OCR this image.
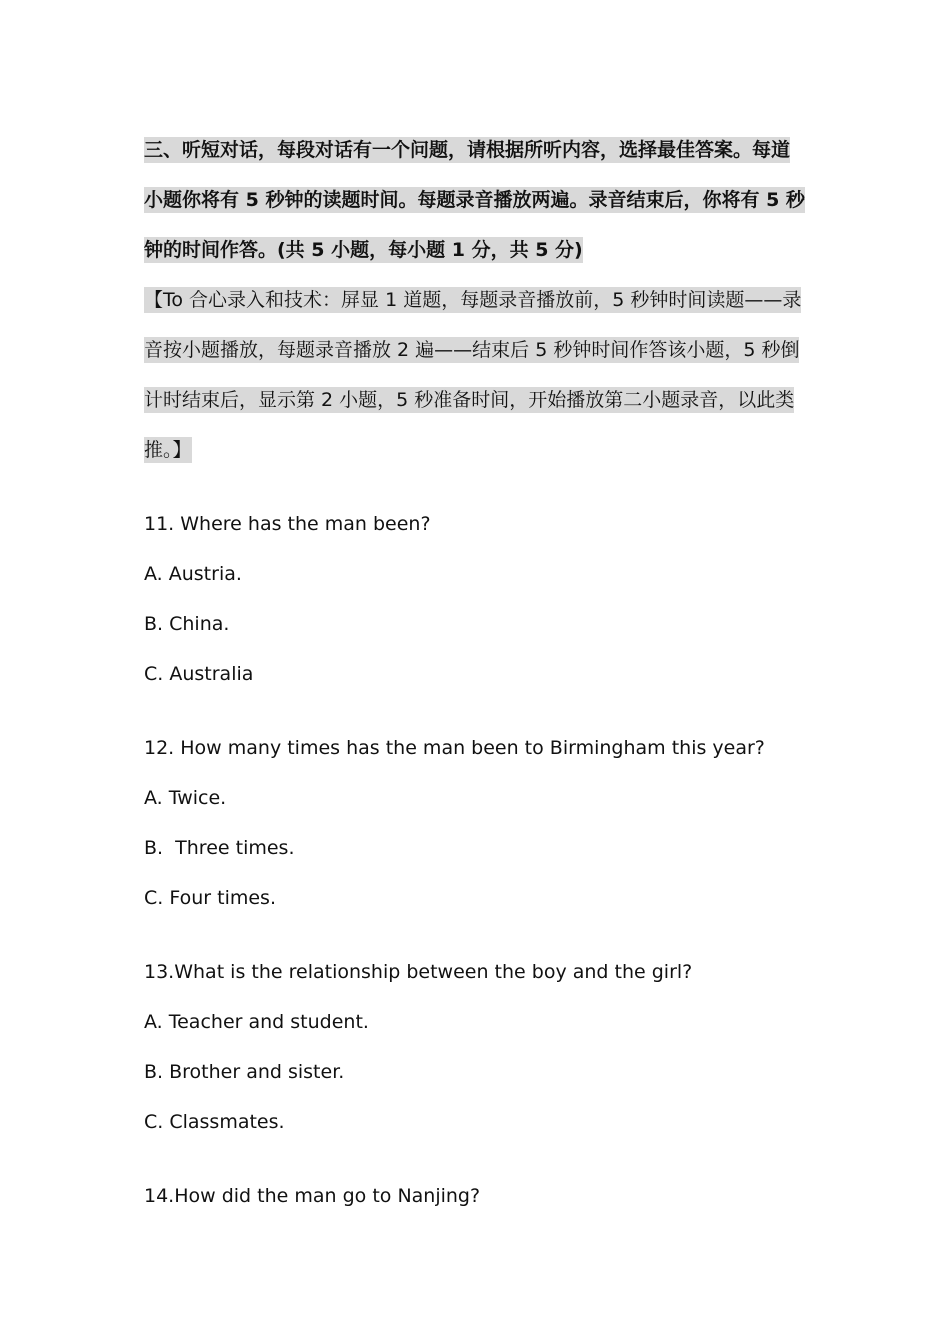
三、听短对话，每段对话有一个问题，请根据所听内容，选择最佳答案。每道
小题你将有 5 秒钟的读题时间。每题录音播放两遍。录音结束后，你将有 5 秒
钟的时间作答。(共 5 小题，每小题 1 分，共 5 分)
【To 合心录入和技术：屏显 1 道题，每题录音播放前，5 秒钟时间读题——录
音按小题播放，每题录音播放 2 遍——结束后 5 秒钟时间作答该小题，5 秒倒
计时结束后，显示第 2 小题，5 秒准备时间，开始播放第二小题录音，以此类
推。】
11. Where has the man been?
A. Austria.
B. China.
C. Australia
12. How many times has the man been to Birmingham this year?
A. Twice.
B.  Three times.
C. Four times.
13.What is the relationship between the boy and the girl?
A. Teacher and student.
B. Brother and sister.
C. Classmates.
14.How did the man go to Nanjing?
